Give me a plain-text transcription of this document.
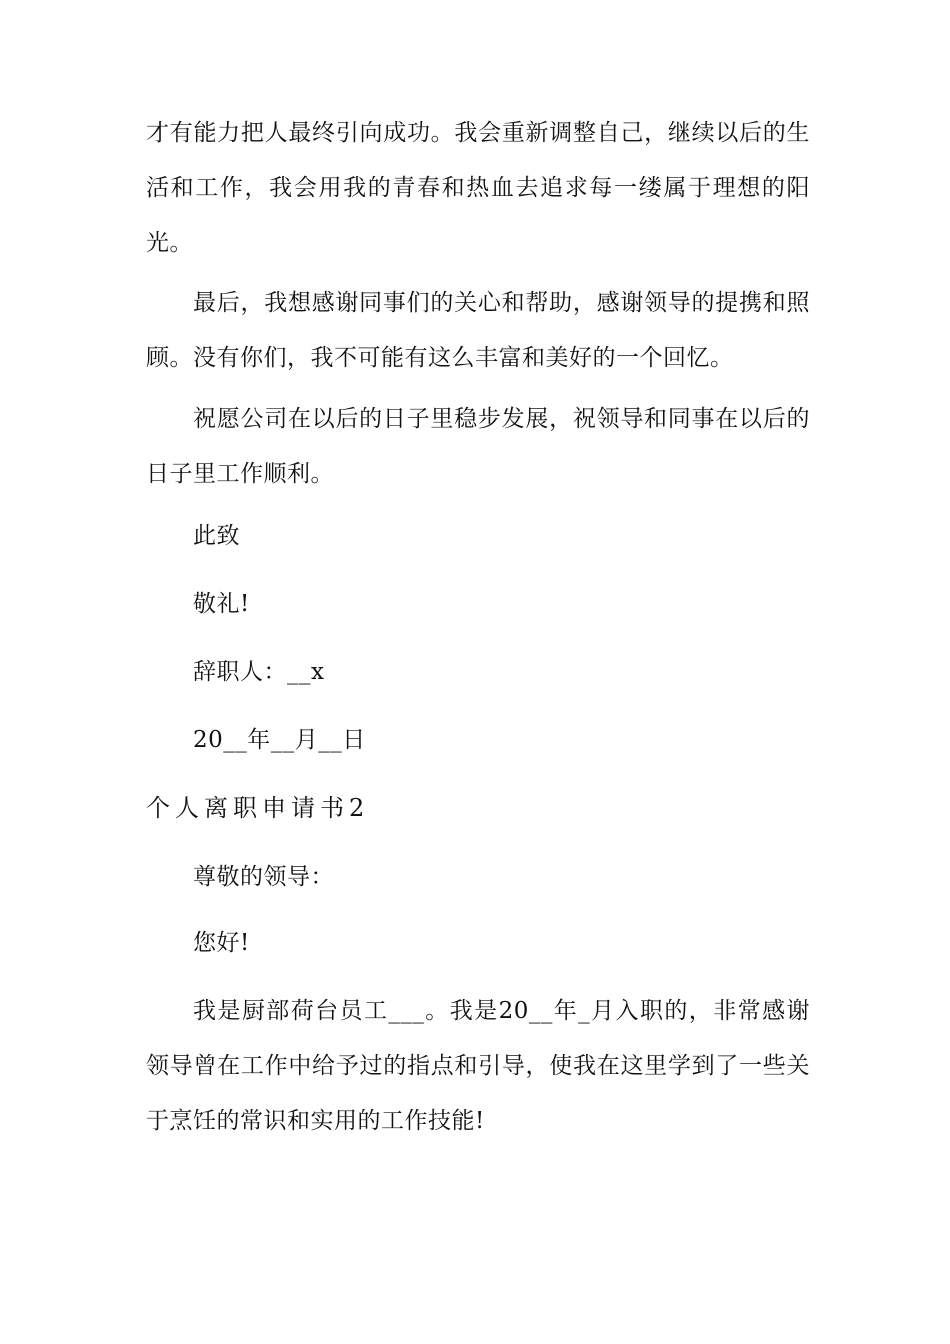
才有能力把人最终引向成功。我会重新调整自己，继续以后的生活和工作，我会用我的青春和热血去追求每一缕属于理想的阳光。

最后，我想感谢同事们的关心和帮助，感谢领导的提携和照顾。没有你们，我不可能有这么丰富和美好的一个回忆。

祝愿公司在以后的日子里稳步发展，祝领导和同事在以后的日子里工作顺利。

此致

敬礼!

辞职人：__x

20__年__月__日

个人离职申请书2

尊敬的领导：

您好!

我是厨部荷台员工___。我是20__年_月入职的，非常感谢领导曾在工作中给予过的指点和引导，使我在这里学到了一些关于烹饪的常识和实用的工作技能!
